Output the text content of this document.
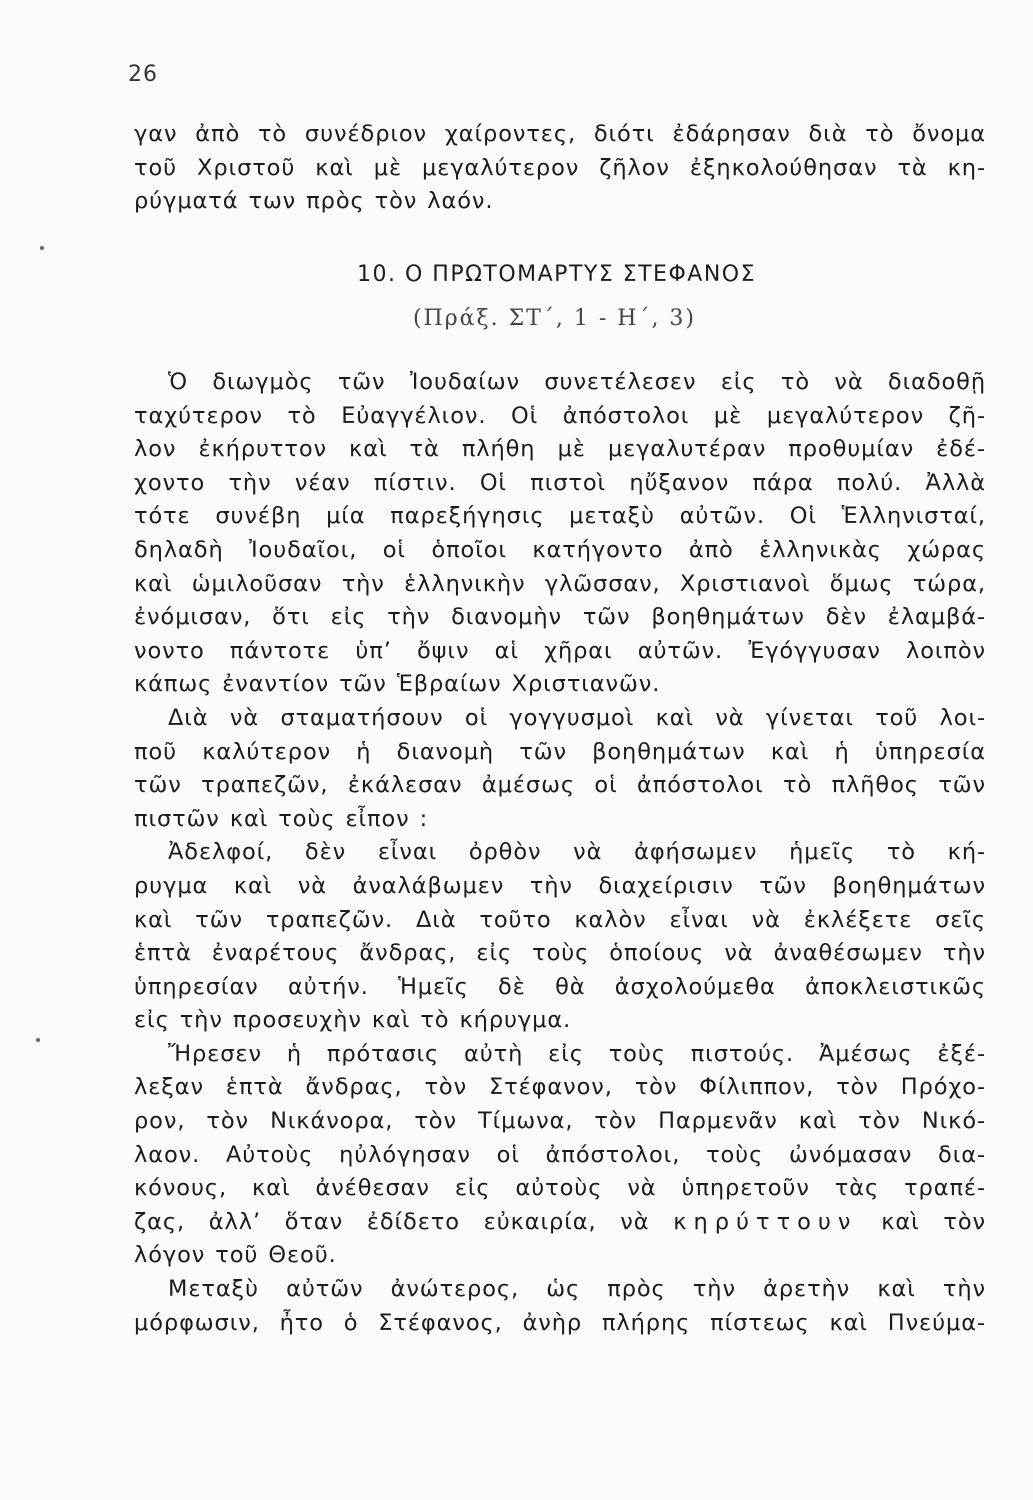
26
γαν ἀπὸ τὸ συνέδριον χαίροντες, διότι ἐδάρησαν διὰ τὸ ὄνομα
τοῦ Χριστοῦ καὶ μὲ μεγαλύτερον ζῆλον ἐξηκολούθησαν τὰ κη-
ρύγματά των πρὸς τὸν λαόν.
10. Ο ΠΡΩΤΟΜΑΡΤΥΣ ΣΤΕΦΑΝΟΣ
(Πράξ. ΣΤ΄, 1 - Η΄, 3)
Ὁ διωγμὸς τῶν Ἰουδαίων συνετέλεσεν εἰς τὸ νὰ διαδοθῇ
ταχύτερον τὸ Εὐαγγέλιον. Οἱ ἀπόστολοι μὲ μεγαλύτερον ζῆ-
λον ἐκήρυττον καὶ τὰ πλήθη μὲ μεγαλυτέραν προθυμίαν ἐδέ-
χοντο τὴν νέαν πίστιν. Οἱ πιστοὶ ηὔξανον πάρα πολύ. Ἀλλὰ
τότε συνέβη μία παρεξήγησις μεταξὺ αὐτῶν. Οἱ Ἑλληνισταί,
δηλαδὴ Ἰουδαῖοι, οἱ ὁποῖοι κατήγοντο ἀπὸ ἑλληνικὰς χώρας
καὶ ὡμιλοῦσαν τὴν ἑλληνικὴν γλῶσσαν, Χριστιανοὶ ὅμως τώρα,
ἐνόμισαν, ὅτι εἰς τὴν διανομὴν τῶν βοηθημάτων δὲν ἐλαμβά-
νοντο πάντοτε ὑπ’ ὄψιν αἱ χῆραι αὐτῶν. Ἐγόγγυσαν λοιπὸν
κάπως ἐναντίον τῶν Ἑβραίων Χριστιανῶν.
Διὰ νὰ σταματήσουν οἱ γογγυσμοὶ καὶ νὰ γίνεται τοῦ λοι-
ποῦ καλύτερον ἡ διανομὴ τῶν βοηθημάτων καὶ ἡ ὑπηρεσία
τῶν τραπεζῶν, ἐκάλεσαν ἀμέσως οἱ ἀπόστολοι τὸ πλῆθος τῶν
πιστῶν καὶ τοὺς εἶπον :
Ἀδελφοί, δὲν εἶναι ὀρθὸν νὰ ἀφήσωμεν ἡμεῖς τὸ κή-
ρυγμα καὶ νὰ ἀναλάβωμεν τὴν διαχείρισιν τῶν βοηθημάτων
καὶ τῶν τραπεζῶν. Διὰ τοῦτο καλὸν εἶναι νὰ ἐκλέξετε σεῖς
ἑπτὰ ἐναρέτους ἄνδρας, εἰς τοὺς ὁποίους νὰ ἀναθέσωμεν τὴν
ὑπηρεσίαν αὐτήν. Ἡμεῖς δὲ θὰ ἀσχολούμεθα ἀποκλειστικῶς
εἰς τὴν προσευχὴν καὶ τὸ κήρυγμα.
Ἤρεσεν ἡ πρότασις αὐτὴ εἰς τοὺς πιστούς. Ἀμέσως ἐξέ-
λεξαν ἑπτὰ ἄνδρας, τὸν Στέφανον, τὸν Φίλιππον, τὸν Πρόχο-
ρον, τὸν Νικάνορα, τὸν Τίμωνα, τὸν Παρμενᾶν καὶ τὸν Νικό-
λαον. Αὐτοὺς ηὐλόγησαν οἱ ἀπόστολοι, τοὺς ὠνόμασαν δια-
κόνους, καὶ ἀνέθεσαν εἰς αὐτοὺς νὰ ὑπηρετοῦν τὰς τραπέ-
ζας, ἀλλ’ ὅταν ἐδίδετο εὐκαιρία, νὰ κηρύττουν καὶ τὸν
λόγον τοῦ Θεοῦ.
Μεταξὺ αὐτῶν ἀνώτερος, ὡς πρὸς τὴν ἀρετὴν καὶ τὴν
μόρφωσιν, ἦτο ὁ Στέφανος, ἀνὴρ πλήρης πίστεως καὶ Πνεύμα-
